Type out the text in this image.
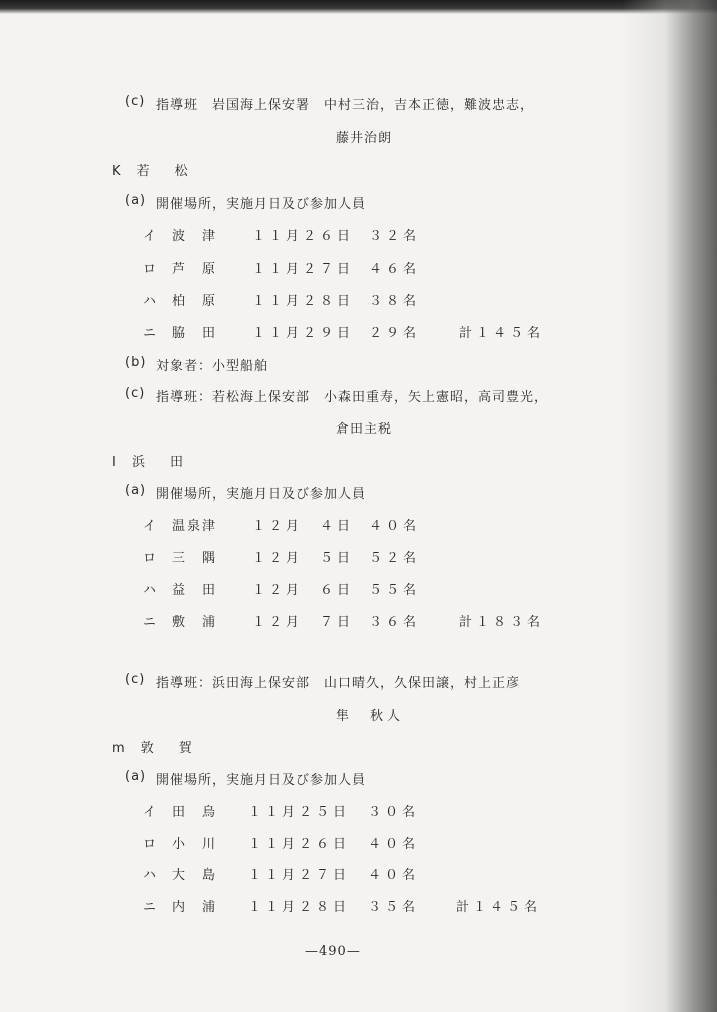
(c) 指導班　岩国海上保安署　中村三治，吉本正徳，難波忠志，
藤井治朗
K 若　松
(a) 開催場所，実施月日及び参加人員
イ 波　津	１１月２６日 ３２名
ロ 芦　原	１１月２７日 ４６名
ハ 柏　原	１１月２８日 ３８名
ニ 脇　田	１１月２９日 ２９名	計１４５名
(b) 対象者：小型船舶
(c) 指導班：若松海上保安部　小森田重寿，矢上憲昭，高司豊光，
倉田主税
I 浜　田
(a) 開催場所，実施月日及び参加人員
イ 温泉津	１２月　４日 ４０名
ロ 三　隅	１２月　５日 ５２名
ハ 益　田	１２月　６日 ５５名
ニ 敷　浦	１２月　７日 ３６名	計１８３名
(c) 指導班：浜田海上保安部　山口晴久，久保田譲，村上正彦
隼　秋人
m 敦　賀
(a) 開催場所，実施月日及び参加人員
イ 田　烏 １１月２５日 ３０名
ロ 小　川 １１月２６日 ４０名
ハ 大　島 １１月２７日 ４０名
ニ 内　浦 １１月２８日 ３５名	計１４５名
—490—
